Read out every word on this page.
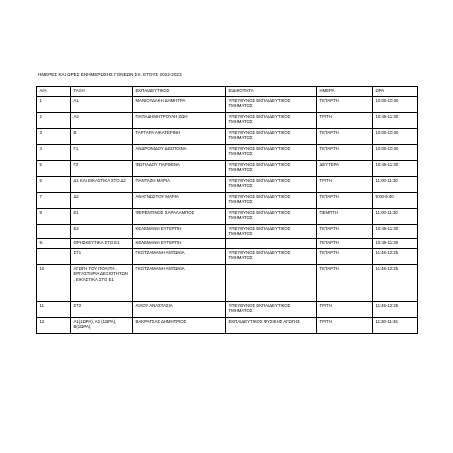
ΗΜΕΡΕΣ ΚΑΙ ΩΡΕΣ ΕΝΗΜΕΡΩΣΗΣ ΓΟΝΕΩΝ ΣΧ. ΕΤΟΥΣ 2022-2023
Α/Α	ΤΑΞΗ	ΕΚΠΑΙΔΕΥΤΙΚΟΣ	ΕΙΔΙΚΟΤΗΤΑ	ΗΜΕΡΑ	ΩΡΑ
1	Α1	ΜΑΝΙΟΥΔΑΚΗ ΔΗΜΗΤΡΑ	ΥΠΕΥΘΥΝΟΣ ΕΚΠΑΙΔΕΥΤΙΚΟΣ ΤΜΗΜΑΤΟΣ	ΤΕΤΑΡΤΗ	10:00-10:30
2	Α2	ΠΑΠΑΔΗΜΗΤΡΟΥΛΗ ΖΩΗ	ΥΠΕΥΘΥΝΟΣ ΕΚΠΑΙΔΕΥΤΙΚΟΣ ΤΜΗΜΑΤΟΣ	ΤΡΙΤΗ	10:45-11:30
3	Β	ΤΑΡΤΑΡΑ ΑΙΚΑΤΕΡΙΝΗ	ΥΠΕΥΘΥΝΟΣ ΕΚΠΑΙΔΕΥΤΙΚΟΣ ΤΜΗΜΑΤΟΣ	ΤΕΤΑΡΤΗ	10:00-10:30
4	Γ1	ΑΝΔΡΟΝΙΔΟΥ ΔΕΣΠΟΙΝΑ	ΥΠΕΥΘΥΝΟΣ ΕΚΠΑΙΔΕΥΤΙΚΟΣ ΤΜΗΜΑΤΟΣ	ΤΕΤΑΡΤΗ	10:00-10:30
5	Γ2	ΦΩΤΙΑΔΟΥ ΠΑΡΘΕΝΑ	ΥΠΕΥΘΥΝΟΣ ΕΚΠΑΙΔΕΥΤΙΚΟΣ ΤΜΗΜΑΤΟΣ	ΔΕΥΤΕΡΑ	10:45-11:30
6	Δ1 ΚΑΙ ΕΙΚΑΣΤΙΚΑ ΣΤΟ Δ2	ΠΑΝΤΑΖΗ ΜΑΡΙΑ	ΥΠΕΥΘΥΝΟΣ ΕΚΠΑΙΔΕΥΤΙΚΟΣ ΤΜΗΜΑΤΟΣ	ΤΡΙΤΗ	11:00-11:30
7	Δ2	ΑΝΑΓΝΩΣΤΟΥ ΜΑΡΙΑ	ΥΠΕΥΘΥΝΟΣ ΕΚΠΑΙΔΕΥΤΙΚΟΣ ΤΜΗΜΑΤΟΣ	ΤΕΤΑΡΤΗ	9:00-9:40
8	Ε1	ΦΕΡΕΝΤΙΝΟΣ ΧΑΡΑΛΑΜΠΟΣ	ΥΠΕΥΘΥΝΟΣ ΕΚΠΑΙΔΕΥΤΙΚΟΣ ΤΜΗΜΑΤΟΣ	ΠΕΜΠΤΗ	11:00-11:30
	Ε2	ΚΕΛΕΜΑΝΗ ΕΥΤΕΡΠΗ	ΥΠΕΥΘΥΝΟΣ ΕΚΠΑΙΔΕΥΤΙΚΟΣ ΤΜΗΜΑΤΟΣ	ΤΕΤΑΡΤΗ	10:45-11:30
9.	ΘΡΗΣΚΕΥΤΙΚΑ ΣΤΟ Ε1	ΚΕΛΕΜΑΝΗ ΕΥΤΕΡΠΗ		ΤΕΤΑΡΤΗ	10:45-11:30
	ΣΤ1	ΓΚΟΤΖΑΜΑΝΗ ΑΝΤΩΝΙΑ	ΥΠΕΥΘΥΝΟΣ ΕΚΠΑΙΔΕΥΤΙΚΟΣ ΤΜΗΜΑΤΟΣ	ΤΕΤΑΡΤΗ	11:45-12:25
10	ΑΓΩΓΗ ΤΟΥ ΠΟΛΙΤΗ , ΕΡΓΑΣΤΗΡΙΑ ΔΕΞΙΟΤΗΤΩΝ , ΕΙΚΑΣΤΙΚΑ ΣΤΟ Ε1	ΓΚΟΤΖΑΜΑΝΗ ΑΝΤΩΝΙΑ		ΤΕΤΑΡΤΗ	11:45-12:25
11	ΣΤ2	ΛΙΛΟΥ ΑΝΑΣΤΑΣΙΑ	ΥΠΕΥΘΥΝΟΣ ΕΚΠΑΙΔΕΥΤΙΚΟΣ ΤΜΗΜΑΤΟΣ	ΤΡΙΤΗ	11:45-12:25
12	Α1(1ΩΡΑ), Α2 (1ΩΡΑ), Β(1ΩΡΑ),	ΒΑΚΡΑΤΣΑΣ ΔΗΜΗΤΡΙΟΣ	ΕΚΠΑΙΔΕΥΤΙΚΟΣ ΦΥΣΙΚΗΣ ΑΓΩΓΗΣ	ΤΡΙΤΗ	11:30-11:45
